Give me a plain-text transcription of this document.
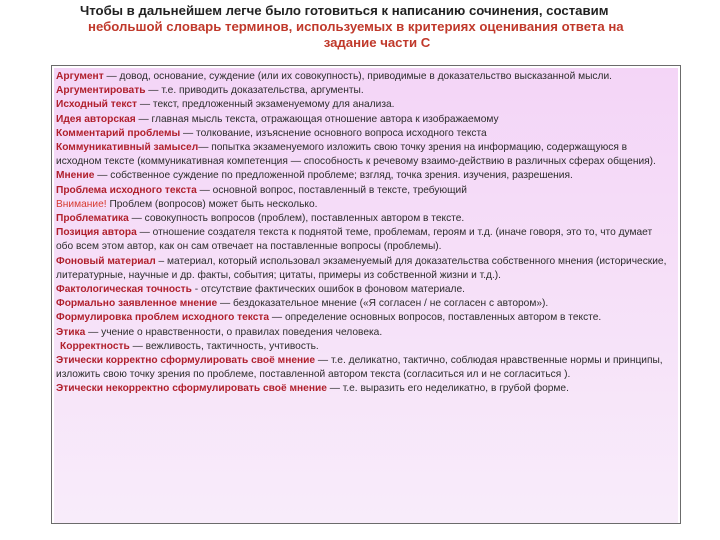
Чтобы в дальнейшем легче было готовиться к написанию сочинения, составим
небольшой словарь терминов, используемых в критериях оценивания ответа на
задание части С

Аргумент — довод, основание, суждение (или их совокупность), приводимые в доказательство высказанной мысли.

Аргументировать — т.е. приводить доказательства, аргументы.

Исходный текст — текст, предложенный экзаменуемому для анализа.

Идея авторская — главная мысль текста, отражающая отношение автора к изображаемому

Комментарий проблемы — толкование, изъяснение основного вопроса исходного текста

Коммуникативный замысел— попытка экзаменуемого изложить свою точку зрения на информацию, содержащуюся в исходном тексте (коммуникативная компетенция — способность к речевому взаимо-действию в различных сферах общения).

Мнение — собственное суждение по предложенной проблеме; взгляд, точка зрения. изучения, разрешения.

Проблема исходного текста — основной вопрос, поставленный в тексте, требующий

Внимание! Проблем (вопросов) может быть несколько.

Проблематика — совокупность вопросов (проблем), поставленных автором в тексте.

Позиция автора — отношение создателя текста к поднятой теме, проблемам, героям и т.д. (иначе говоря, это то, что думает обо всем этом автор, как он сам отвечает на поставленные вопросы (проблемы).

Фоновый материал – материал, который использовал экзаменуемый для доказательства собственного мнения (исторические, литературные, научные и др. факты, события; цитаты, примеры из собственной жизни и т.д.).

Фактологическая точность - отсутствие фактических ошибок в фоновом материале.

Формально заявленное мнение — бездоказательное мнение («Я согласен / не согласен с автором»).

Формулировка проблем исходного текста — определение основных вопросов, поставленных автором в тексте.

Этика — учение о нравственности, о правилах поведения человека.

Корректность — вежливость, тактичность, учтивость.

Этически корректно сформулировать своё мнение — т.е. деликатно, тактично, соблюдая нравственные нормы и принципы, изложить свою точку зрения по проблеме, поставленной автором текста (согласиться ил и не согласиться ).

Этически некорректно сформулировать своё мнение — т.е. выразить его неделикатно, в грубой форме.
